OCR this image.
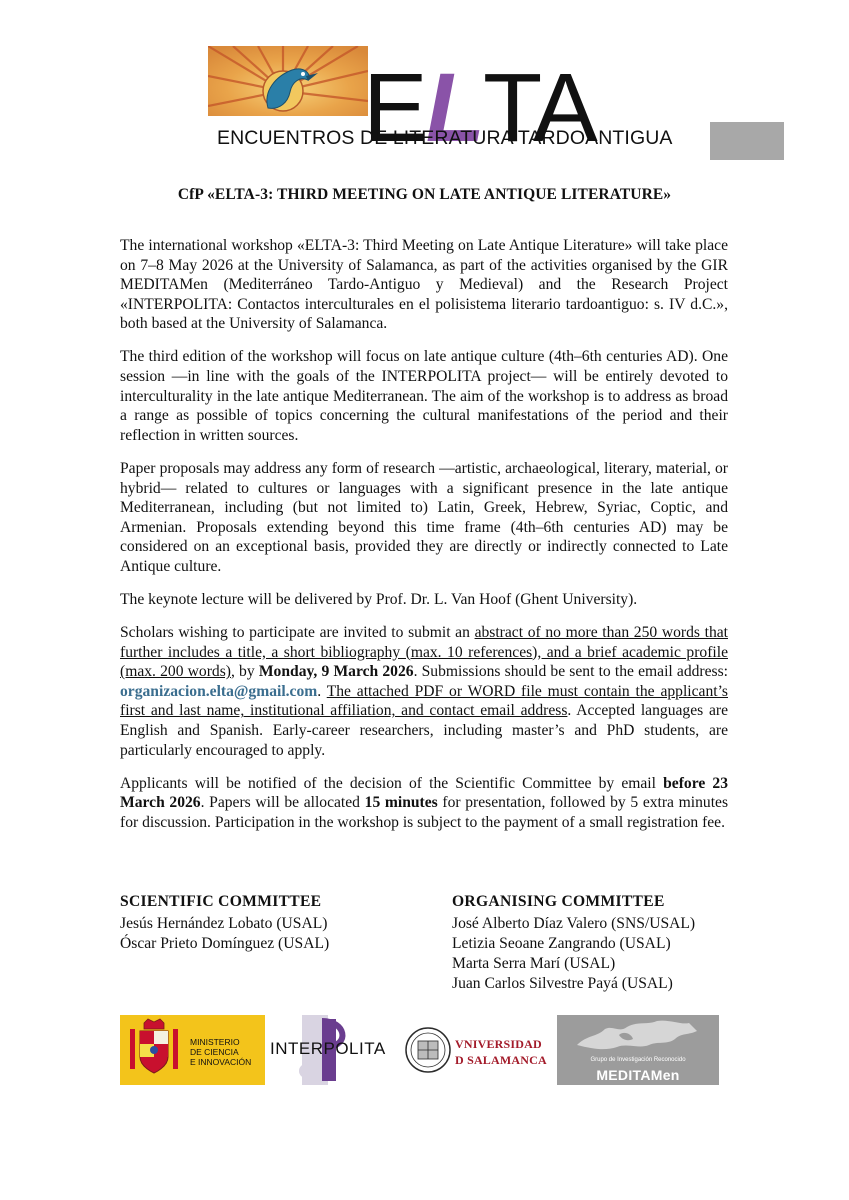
ELTA
ENCUENTROS DE LITERATURA TARDOANTIGUA
CfP «ELTA-3: THIRD MEETING ON LATE ANTIQUE LITERATURE»

The international workshop «ELTA-3: Third Meeting on Late Antique Literature» will take place on 7–8 May 2026 at the University of Salamanca, as part of the activities organised by the GIR MEDITAMen (Mediterráneo Tardo-Antiguo y Medieval) and the Research Project «INTERPOLITA: Contactos interculturales en el polisistema literario tardoantiguo: s. IV d.C.», both based at the University of Salamanca.

The third edition of the workshop will focus on late antique culture (4th–6th centuries AD). One session —in line with the goals of the INTERPOLITA project— will be entirely devoted to interculturality in the late antique Mediterranean. The aim of the workshop is to address as broad a range as possible of topics concerning the cultural manifestations of the period and their reflection in written sources.

Paper proposals may address any form of research —artistic, archaeological, literary, material, or hybrid— related to cultures or languages with a significant presence in the late antique Mediterranean, including (but not limited to) Latin, Greek, Hebrew, Syriac, Coptic, and Armenian. Proposals extending beyond this time frame (4th–6th centuries AD) may be considered on an exceptional basis, provided they are directly or indirectly connected to Late Antique culture.

The keynote lecture will be delivered by Prof. Dr. L. Van Hoof (Ghent University).

Scholars wishing to participate are invited to submit an abstract of no more than 250 words that further includes a title, a short bibliography (max. 10 references), and a brief academic profile (max. 200 words), by Monday, 9 March 2026. Submissions should be sent to the email address: organizacion.elta@gmail.com. The attached PDF or WORD file must contain the applicant’s first and last name, institutional affiliation, and contact email address. Accepted languages are English and Spanish. Early-career researchers, including master’s and PhD students, are particularly encouraged to apply.

Applicants will be notified of the decision of the Scientific Committee by email before 23 March 2026. Papers will be allocated 15 minutes for presentation, followed by 5 extra minutes for discussion. Participation in the workshop is subject to the payment of a small registration fee.

SCIENTIFIC COMMITTEE
Jesús Hernández Lobato (USAL)
Óscar Prieto Domínguez (USAL)
ORGANISING COMMITTEE
José Alberto Díaz Valero (SNS/USAL)
Letizia Seoane Zangrando (USAL)
Marta Serra Marí (USAL)
Juan Carlos Silvestre Payá (USAL)
MINISTERIO
DE CIENCIA
E INNOVACIÓN
INTERPOLITA	VNIVERSIDAD
D SALAMANCA	Grupo de Investigación Reconocido
MEDITAMen
